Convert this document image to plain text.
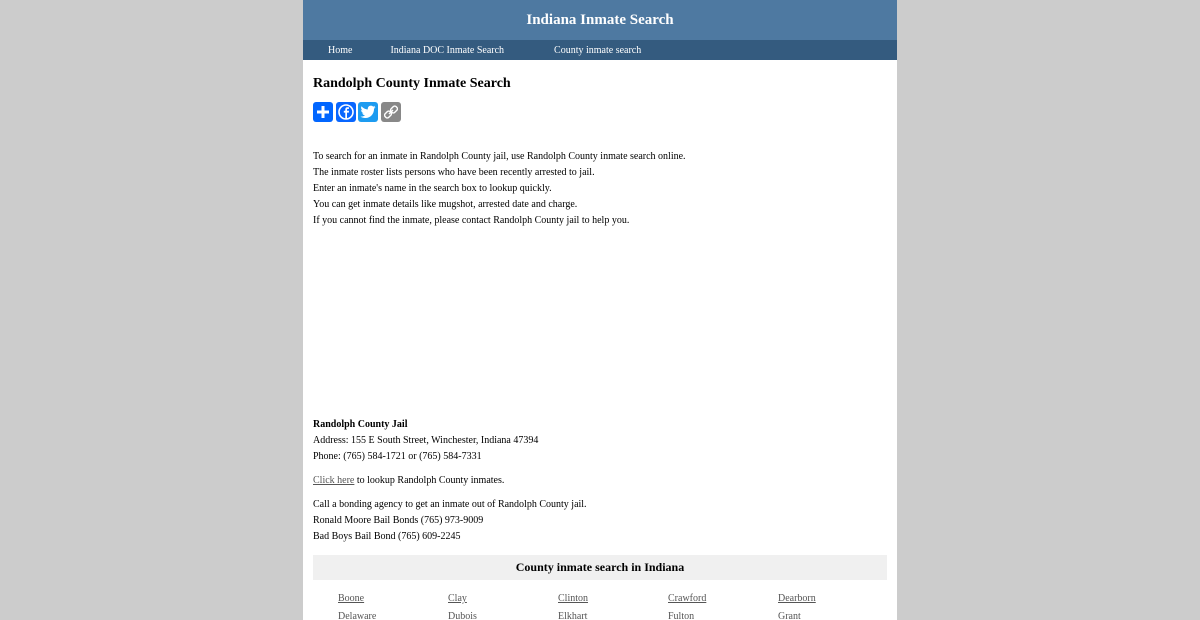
Indiana Inmate Search
Home	Indiana DOC Inmate Search	County inmate search
Randolph County Inmate Search

To search for an inmate in Randolph County jail, use Randolph County inmate search online.

The inmate roster lists persons who have been recently arrested to jail.

Enter an inmate's name in the search box to lookup quickly.

You can get inmate details like mugshot, arrested date and charge.

If you cannot find the inmate, please contact Randolph County jail to help you.

Randolph County Jail

Address: 155 E South Street, Winchester, Indiana 47394

Phone: (765) 584-1721 or (765) 584-7331

Click here to lookup Randolph County inmates.

Call a bonding agency to get an inmate out of Randolph County jail.

Ronald Moore Bail Bonds (765) 973-9009

Bad Boys Bail Bond (765) 609-2245

County inmate search in Indiana
Boone	Clay	Clinton	Crawford	Dearborn
Delaware	Dubois	Elkhart	Fulton	Grant
